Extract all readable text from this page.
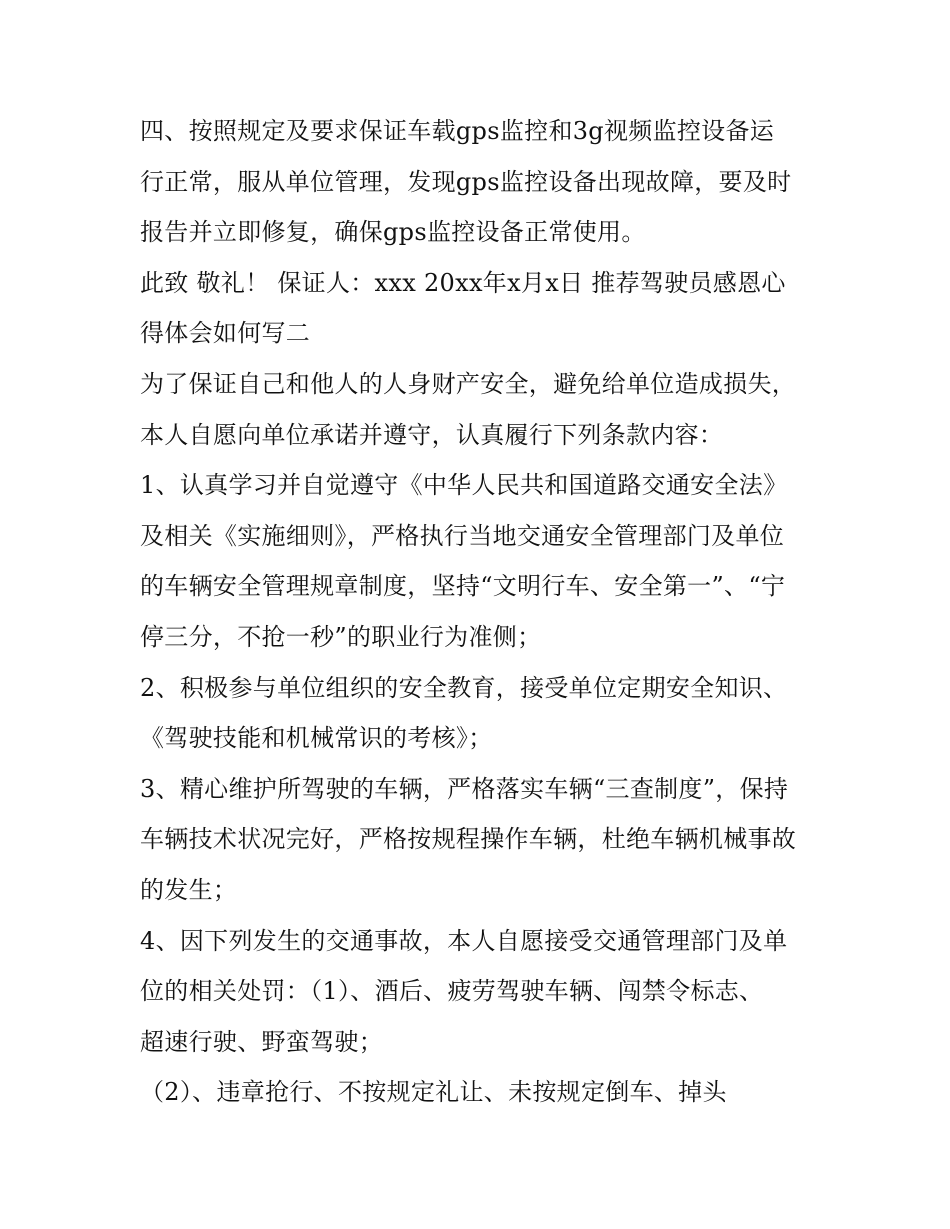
四、按照规定及要求保证车载gps监控和3g视频监控设备运
行正常，服从单位管理，发现gps监控设备出现故障，要及时
报告并立即修复，确保gps监控设备正常使用。
此致 敬礼！ 保证人：xxx 20xx年x月x日 推荐驾驶员感恩心
得体会如何写二
为了保证自己和他人的人身财产安全，避免给单位造成损失，
本人自愿向单位承诺并遵守，认真履行下列条款内容：
1、认真学习并自觉遵守《中华人民共和国道路交通安全法》
及相关《实施细则》，严格执行当地交通安全管理部门及单位
的车辆安全管理规章制度，坚持“文明行车、安全第一”、“宁
停三分，不抢一秒”的职业行为准侧；
2、积极参与单位组织的安全教育，接受单位定期安全知识、
《驾驶技能和机械常识的考核》；
3、精心维护所驾驶的车辆，严格落实车辆“三查制度”，保持
车辆技术状况完好，严格按规程操作车辆，杜绝车辆机械事故
的发生；
4、因下列发生的交通事故，本人自愿接受交通管理部门及单
位的相关处罚：（1）、酒后、疲劳驾驶车辆、闯禁令标志、
超速行驶、野蛮驾驶；
（2）、违章抢行、不按规定礼让、未按规定倒车、掉头
